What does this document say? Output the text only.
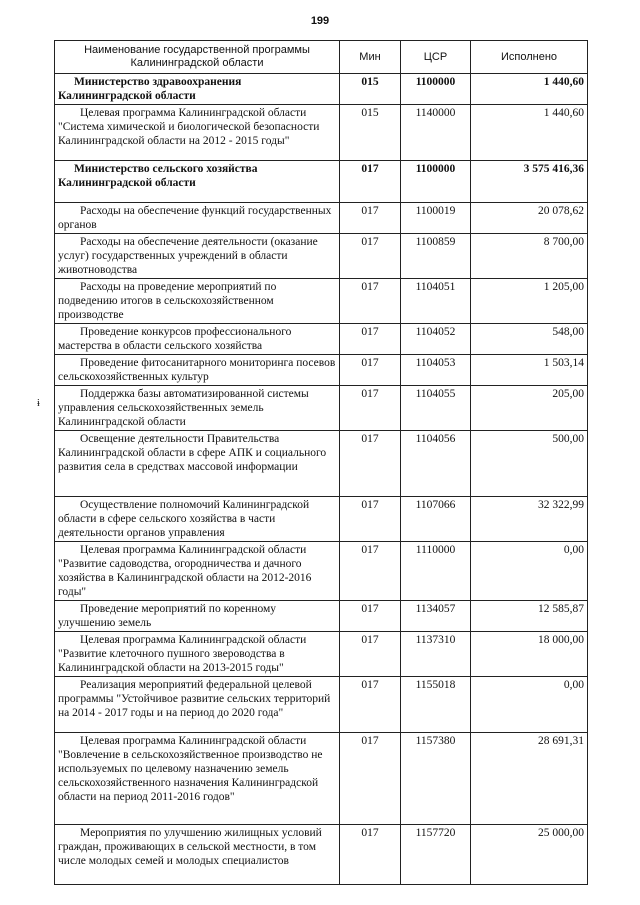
199
ɨ
Наименование государственной программы Калининградской области	Мин	ЦСР	Исполнено
Министерство здравоохранения Калининградской области	015	1100000	1 440,60
Целевая программа Калининградской области "Система химической и биологической безопасности Калининградской области на 2012 - 2015 годы"	015	1140000	1 440,60
Министерство сельского хозяйства Калининградской области	017	1100000	3 575 416,36
Расходы на обеспечение функций государственных органов	017	1100019	20 078,62
Расходы на обеспечение деятельности (оказание услуг) государственных учреждений в области животноводства	017	1100859	8 700,00
Расходы на проведение мероприятий по подведению итогов в сельскохозяйственном производстве	017	1104051	1 205,00
Проведение конкурсов профессионального мастерства в области сельского хозяйства	017	1104052	548,00
Проведение фитосанитарного мониторинга посевов сельскохозяйственных культур	017	1104053	1 503,14
Поддержка базы автоматизированной системы управления сельскохозяйственных земель Калининградской области	017	1104055	205,00
Освещение деятельности Правительства Калининградской области в сфере АПК и социального развития села в средствах массовой информации	017	1104056	500,00
Осуществление полномочий Калининградской области в сфере сельского хозяйства в части деятельности органов управления	017	1107066	32 322,99
Целевая программа Калининградской области "Развитие садоводства, огородничества и дачного хозяйства в Калининградской области на 2012-2016 годы"	017	1110000	0,00
Проведение мероприятий по коренному улучшению земель	017	1134057	12 585,87
Целевая программа Калининградской области "Развитие клеточного пушного звероводства в Калининградской области на 2013-2015 годы"	017	1137310	18 000,00
Реализация мероприятий федеральной целевой программы "Устойчивое развитие сельских территорий на 2014 - 2017 годы и на период до 2020 года"	017	1155018	0,00
Целевая программа Калининградской области "Вовлечение в сельскохозяйственное производство не используемых по целевому назначению земель сельскохозяйственного назначения Калининградской области на период 2011-2016 годов"	017	1157380	28 691,31
Мероприятия по улучшению жилищных условий граждан, проживающих в сельской местности, в том числе молодых семей и молодых специалистов	017	1157720	25 000,00
